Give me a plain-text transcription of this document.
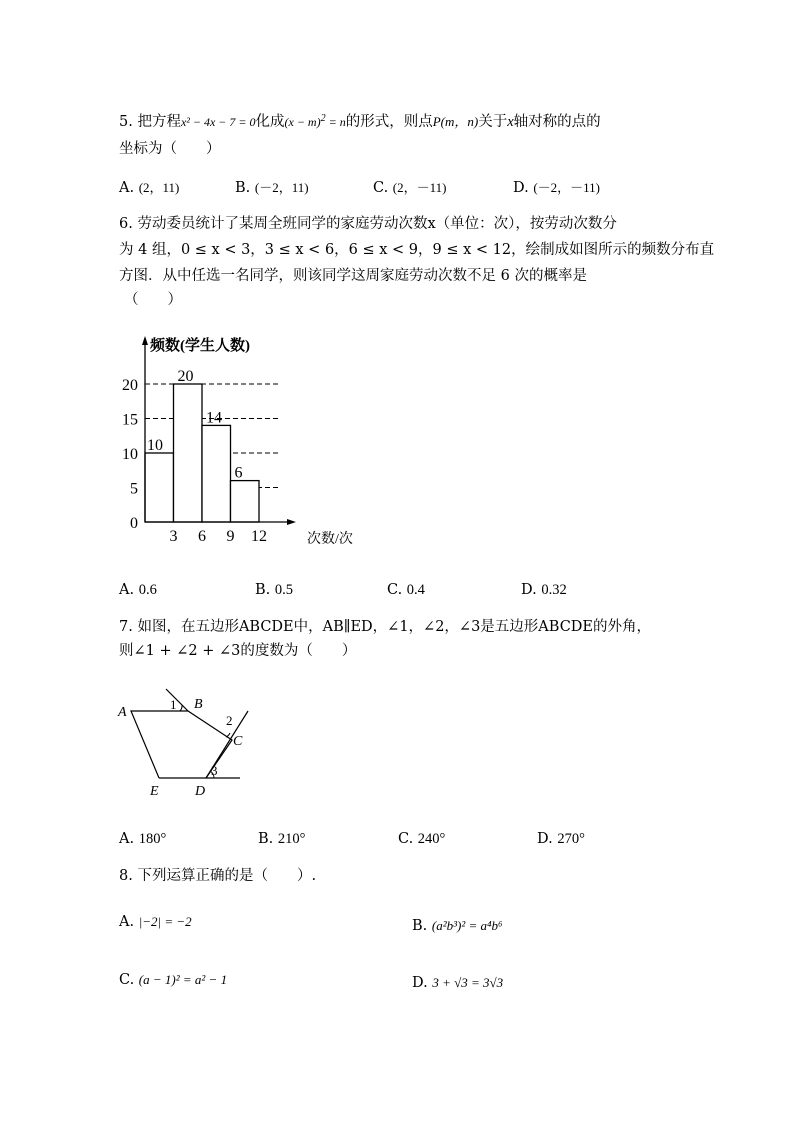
5. 把方程x² − 4x − 7 = 0化成$(x - m)^2 = n$的形式，则点P(m，n)关于x轴对称的点的
坐标为（　　）
A. (2，11)	B. (－2，11)	C. (2，－11)	D. (－2，－11)
6. 劳动委员统计了某周全班同学的家庭劳动次数x（单位：次），按劳动次数分
为 4 组，0 ≤ x < 3，3 ≤ x < 6，6 ≤ x < 9，9 ≤ x < 12，绘制成如图所示的频数分布直
方图．从中任选一名同学，则该同学这周家庭劳动次数不足 6 次的概率是
（　　）
10
20
14
6
0
5
10
15
20
3 6 9 12
频数(学生人数)
次数/次
A. 0.6	B. 0.5	C. 0.4	D. 0.32
7. 如图，在五边形ABCDE中，AB∥ED，∠1，∠2，∠3是五边形ABCDE的外角，
则∠1 + ∠2 + ∠3的度数为（　　）
A
B
C
D
E
1
2
3
A. 180°	B. 210°	C. 240°	D. 270°
8. 下列运算正确的是（　　）.
A. |−2| = −2	B. (a²b³)² = a⁴b⁶
C. (a − 1)² = a² − 1	D. 3 + √3 = 3√3
